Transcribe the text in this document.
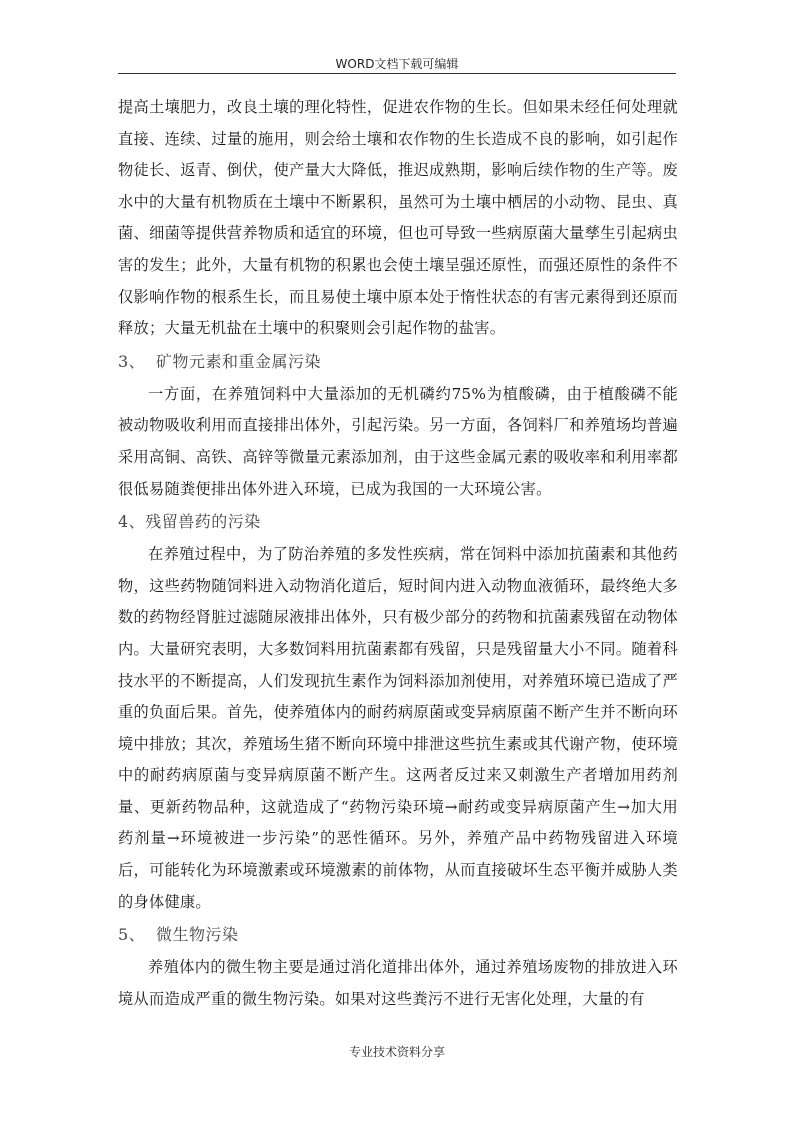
WORD文档下载可编辑

提高土壤肥力，改良土壤的理化特性，促进农作物的生长。但如果未经任何处理就直接、连续、过量的施用，则会给土壤和农作物的生长造成不良的影响，如引起作物徒长、返青、倒伏，使产量大大降低，推迟成熟期，影响后续作物的生产等。废水中的大量有机物质在土壤中不断累积，虽然可为土壤中栖居的小动物、昆虫、真菌、细菌等提供营养物质和适宜的环境，但也可导致一些病原菌大量孳生引起病虫害的发生；此外，大量有机物的积累也会使土壤呈强还原性，而强还原性的条件不仅影响作物的根系生长，而且易使土壤中原本处于惰性状态的有害元素得到还原而释放；大量无机盐在土壤中的积聚则会引起作物的盐害。

3、 矿物元素和重金属污染

一方面，在养殖饲料中大量添加的无机磷约75%为植酸磷，由于植酸磷不能被动物吸收利用而直接排出体外，引起污染。另一方面，各饲料厂和养殖场均普遍采用高铜、高铁、高锌等微量元素添加剂，由于这些金属元素的吸收率和利用率都很低易随粪便排出体外进入环境，已成为我国的一大环境公害。

4、残留兽药的污染

在养殖过程中，为了防治养殖的多发性疾病，常在饲料中添加抗菌素和其他药物，这些药物随饲料进入动物消化道后，短时间内进入动物血液循环，最终绝大多数的药物经肾脏过滤随尿液排出体外，只有极少部分的药物和抗菌素残留在动物体内。大量研究表明，大多数饲料用抗菌素都有残留，只是残留量大小不同。随着科技水平的不断提高，人们发现抗生素作为饲料添加剂使用，对养殖环境已造成了严重的负面后果。首先，使养殖体内的耐药病原菌或变异病原菌不断产生并不断向环境中排放；其次，养殖场生猪不断向环境中排泄这些抗生素或其代谢产物，使环境中的耐药病原菌与变异病原菌不断产生。这两者反过来又刺激生产者增加用药剂量、更新药物品种，这就造成了“药物污染环境→耐药或变异病原菌产生→加大用药剂量→环境被进一步污染”的恶性循环。另外，养殖产品中药物残留进入环境后，可能转化为环境激素或环境激素的前体物，从而直接破坏生态平衡并威胁人类的身体健康。

5、 微生物污染

养殖体内的微生物主要是通过消化道排出体外，通过养殖场废物的排放进入环境从而造成严重的微生物污染。如果对这些粪污不进行无害化处理，大量的有

专业技术资料分享
